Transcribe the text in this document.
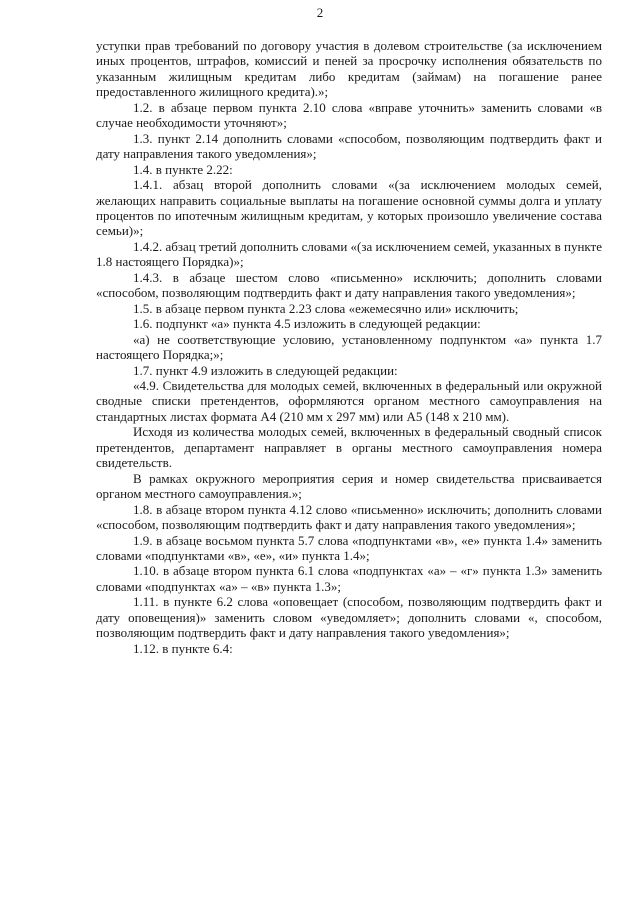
2

уступки прав требований по договору участия в долевом строительстве (за исключением иных процентов, штрафов, комиссий и пеней за просрочку исполнения обязательств по указанным жилищным кредитам либо кредитам (займам) на погашение ранее предоставленного жилищного кредита).»;

1.2. в абзаце первом пункта 2.10 слова «вправе уточнить» заменить словами «в случае необходимости уточняют»;

1.3. пункт 2.14 дополнить словами «способом, позволяющим подтвердить факт и дату направления такого уведомления»;

1.4. в пункте 2.22:

1.4.1. абзац второй дополнить словами «(за исключением молодых семей, желающих направить социальные выплаты на погашение основной суммы долга и уплату процентов по ипотечным жилищным кредитам, у которых произошло увеличение состава семьи)»;

1.4.2. абзац третий дополнить словами «(за исключением семей, указанных в пункте 1.8 настоящего Порядка)»;

1.4.3. в абзаце шестом слово «письменно» исключить; дополнить словами «способом, позволяющим подтвердить факт и дату направления такого уведомления»;

1.5. в абзаце первом пункта 2.23 слова «ежемесячно или» исключить;

1.6. подпункт «а» пункта 4.5 изложить в следующей редакции:

«а) не соответствующие условию, установленному подпунктом «а» пункта 1.7 настоящего Порядка;»;

1.7. пункт 4.9 изложить в следующей редакции:

«4.9. Свидетельства для молодых семей, включенных в федеральный или окружной сводные списки претендентов, оформляются органом местного самоуправления на стандартных листах формата А4 (210 мм х 297 мм) или А5 (148 х 210 мм).

Исходя из количества молодых семей, включенных в федеральный сводный список претендентов, департамент направляет в органы местного самоуправления номера свидетельств.

В рамках окружного мероприятия серия и номер свидетельства присваивается органом местного самоуправления.»;

1.8. в абзаце втором пункта 4.12 слово «письменно» исключить; дополнить словами «способом, позволяющим подтвердить факт и дату направления такого уведомления»;

1.9. в абзаце восьмом пункта 5.7 слова «подпунктами «в», «е» пункта 1.4» заменить словами «подпунктами «в», «е», «и» пункта 1.4»;

1.10. в абзаце втором пункта 6.1 слова «подпунктах «а» – «г» пункта 1.3» заменить словами «подпунктах «а» – «в» пункта 1.3»;

1.11. в пункте 6.2 слова «оповещает (способом, позволяющим подтвердить факт и дату оповещения)» заменить словом «уведомляет»; дополнить словами «, способом, позволяющим подтвердить факт и дату направления такого уведомления»;

1.12. в пункте 6.4:
